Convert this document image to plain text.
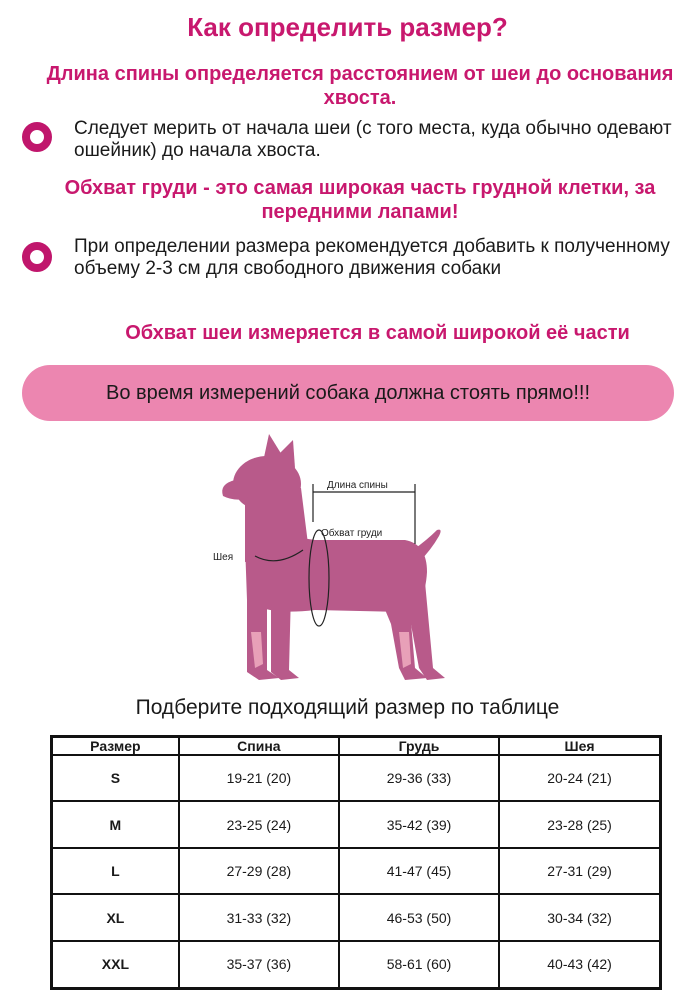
Как определить размер?
Длина спины определяется расстоянием от шеи до основания хвоста.
Следует мерить от начала шеи (с того места, куда обычно одевают ошейник) до начала хвоста.
Обхват груди - это самая широкая часть грудной клетки, за передними лапами!
При определении размера рекомендуется добавить к полученному объему 2-3 см для свободного движения собаки
Обхват шеи измеряется в самой широкой её части
Во время измерений собака должна стоять прямо!!!
Длина спины
Обхват груди
Шея
Подберите подходящий размер по таблице
Размер	Спина	Грудь	Шея
S	19-21 (20)	29-36 (33)	20-24 (21)
M	23-25 (24)	35-42 (39)	23-28 (25)
L	27-29 (28)	41-47 (45)	27-31 (29)
XL	31-33 (32)	46-53 (50)	30-34 (32)
XXL	35-37 (36)	58-61 (60)	40-43 (42)
